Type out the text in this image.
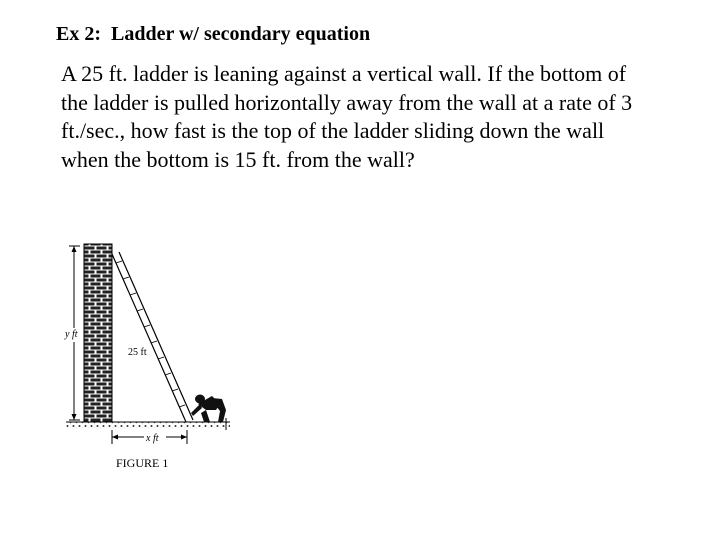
Ex 2:  Ladder w/ secondary equation
A 25 ft. ladder is leaning against a vertical wall. If the bottom of
the ladder is pulled horizontally away from the wall at a rate of 3
ft./sec., how fast is the top of the ladder sliding down the wall
when the bottom is 15 ft. from the wall?
y ft
25 ft
x ft
FIGURE 1
